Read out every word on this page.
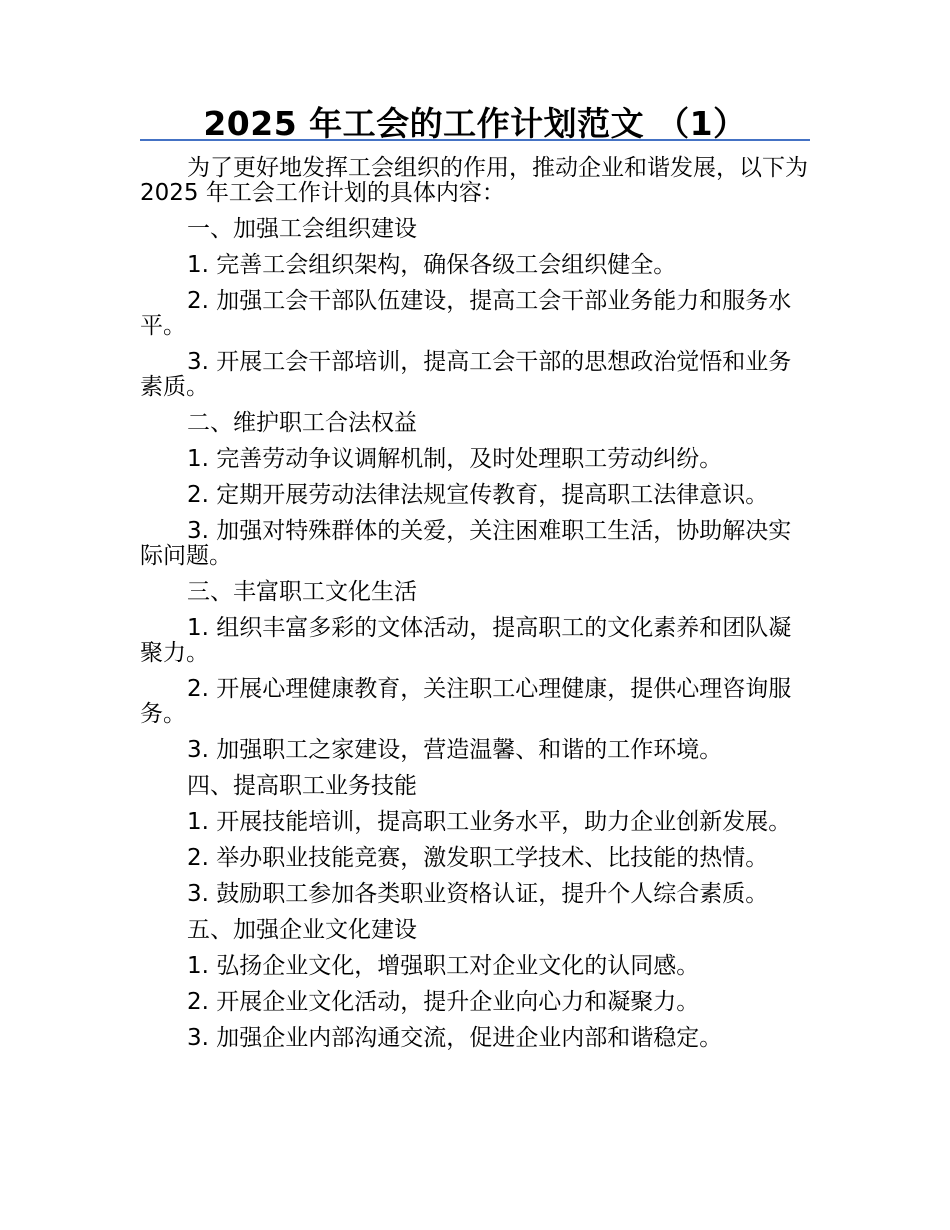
2025 年工会的工作计划范文 （1）

为了更好地发挥工会组织的作用，推动企业和谐发展，以下为 2025 年工会工作计划的具体内容：

一、加强工会组织建设

1. 完善工会组织架构，确保各级工会组织健全。

2. 加强工会干部队伍建设，提高工会干部业务能力和服务水平。

3. 开展工会干部培训，提高工会干部的思想政治觉悟和业务素质。

二、维护职工合法权益

1. 完善劳动争议调解机制，及时处理职工劳动纠纷。

2. 定期开展劳动法律法规宣传教育，提高职工法律意识。

3. 加强对特殊群体的关爱，关注困难职工生活，协助解决实际问题。

三、丰富职工文化生活

1. 组织丰富多彩的文体活动，提高职工的文化素养和团队凝聚力。

2. 开展心理健康教育，关注职工心理健康，提供心理咨询服务。

3. 加强职工之家建设，营造温馨、和谐的工作环境。

四、提高职工业务技能

1. 开展技能培训，提高职工业务水平，助力企业创新发展。

2. 举办职业技能竞赛，激发职工学技术、比技能的热情。

3. 鼓励职工参加各类职业资格认证，提升个人综合素质。

五、加强企业文化建设

1. 弘扬企业文化，增强职工对企业文化的认同感。

2. 开展企业文化活动，提升企业向心力和凝聚力。

3. 加强企业内部沟通交流，促进企业内部和谐稳定。
